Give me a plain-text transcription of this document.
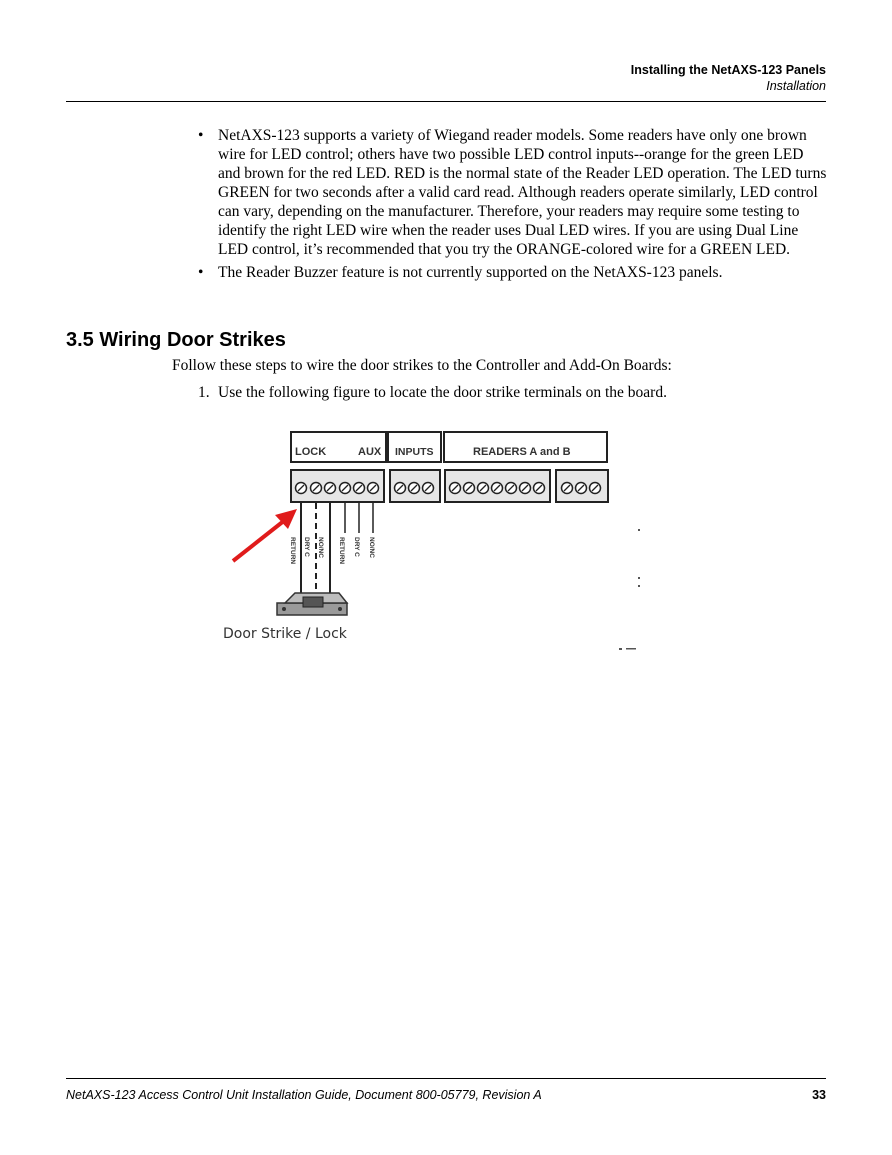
Installing the NetAXS-123 Panels
Installation
• NetAXS-123 supports a variety of Wiegand reader models. Some readers have only one brown wire for LED control; others have two possible LED control inputs--orange for the green LED and brown for the red LED. RED is the normal state of the Reader LED operation. The LED turns GREEN for two seconds after a valid card read. Although readers operate similarly, LED control can vary, depending on the manufacturer. Therefore, your readers may require some testing to identify the right LED wire when the reader uses Dual LED wires. If you are using Dual Line LED control, it’s recommended that you try the ORANGE-colored wire for a GREEN LED.
• The Reader Buzzer feature is not currently supported on the NetAXS-123 panels.
3.5 Wiring Door Strikes
Follow these steps to wire the door strikes to the Controller and Add-On Boards:
1. Use the following figure to locate the door strike terminals on the board.
LOCK	AUX INPUTS	READERS A and B
RETURN DRY C NO/NC RETURN DRY C NO/NC
Door Strike / Lock
NetAXS-123 Access Control Unit Installation Guide, Document 800-05779, Revision A	33
